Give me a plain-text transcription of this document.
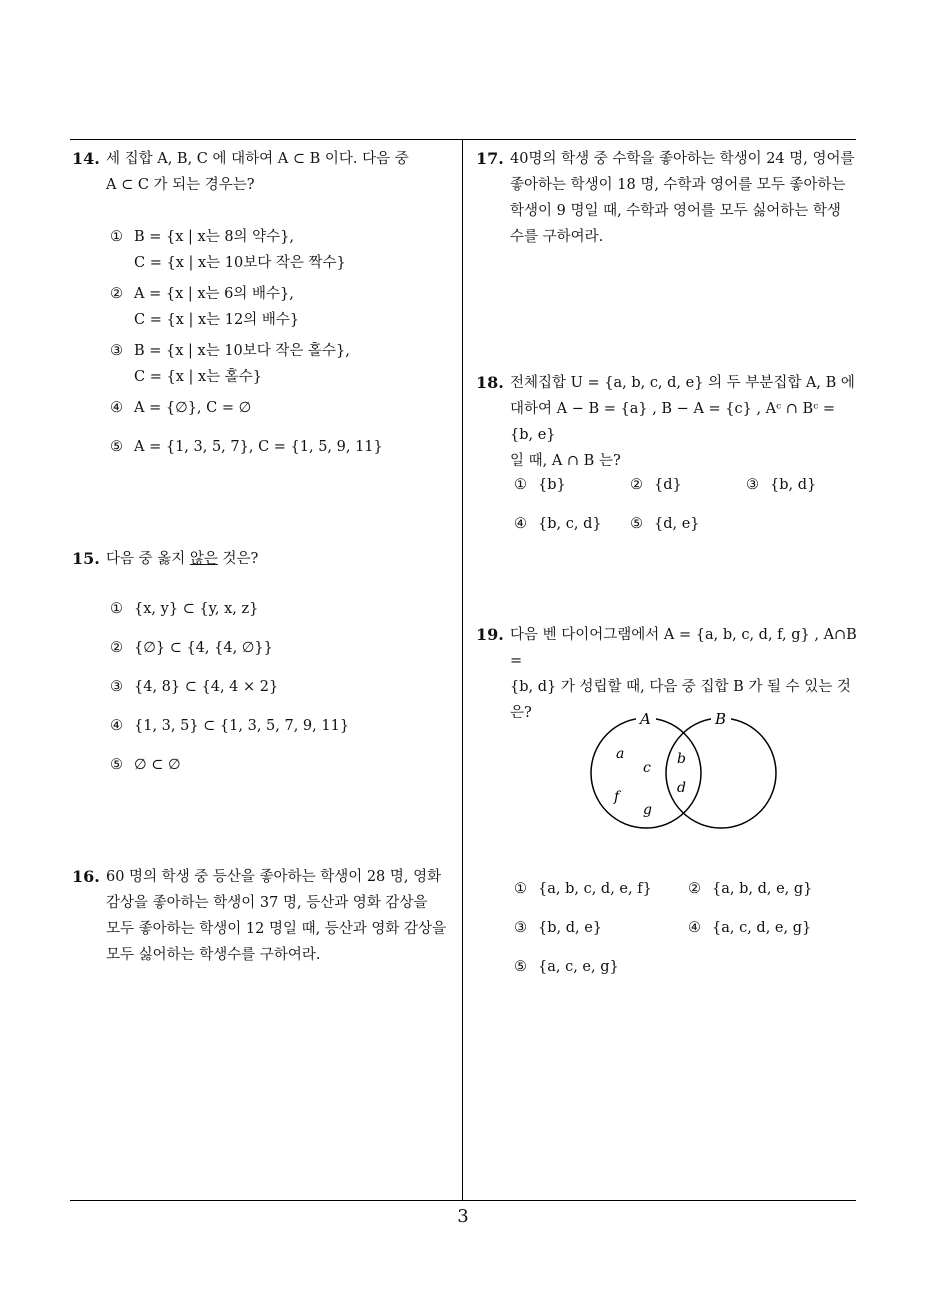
14. 세 집합 A, B, C 에 대하여 A ⊂ B 이다. 다음 중
A ⊂ C 가 되는 경우는?
① B = {x | x는 8의 약수},
C = {x | x는 10보다 작은 짝수}
② A = {x | x는 6의 배수},
C = {x | x는 12의 배수}
③ B = {x | x는 10보다 작은 홀수},
C = {x | x는 홀수}
④ A = {∅}, C = ∅
⑤ A = {1, 3, 5, 7}, C = {1, 5, 9, 11}
15. 다음 중 옳지 않은 것은?
① {x, y} ⊂ {y, x, z}
② {∅} ⊂ {4, {4, ∅}}
③ {4, 8} ⊂ {4, 4 × 2}
④ {1, 3, 5} ⊂ {1, 3, 5, 7, 9, 11}
⑤ ∅ ⊂ ∅
16. 60 명의 학생 중 등산을 좋아하는 학생이 28 명, 영화
감상을 좋아하는 학생이 37 명, 등산과 영화 감상을
모두 좋아하는 학생이 12 명일 때, 등산과 영화 감상을
모두 싫어하는 학생수를 구하여라.
17. 40명의 학생 중 수학을 좋아하는 학생이 24 명, 영어를
좋아하는 학생이 18 명, 수학과 영어를 모두 좋아하는
학생이 9 명일 때, 수학과 영어를 모두 싫어하는 학생
수를 구하여라.
18. 전체집합 U = {a, b, c, d, e} 의 두 부분집합 A, B 에
대하여 A − B = {a} , B − A = {c} , Aᶜ ∩ Bᶜ = {b, e}
일 때, A ∩ B 는?
① {b}	② {d}	③ {b, d}
④ {b, c, d} ⑤ {d, e}
19. 다음 벤 다이어그램에서 A = {a, b, c, d, f, g} , A∩B =
{b, d} 가 성립할 때, 다음 중 집합 B 가 될 수 있는 것
은?	A	B
a
c
b
d
f
g
① {a, b, c, d, e, f} ② {a, b, d, e, g}
③ {b, d, e}	④ {a, c, d, e, g}
⑤ {a, c, e, g}
3
